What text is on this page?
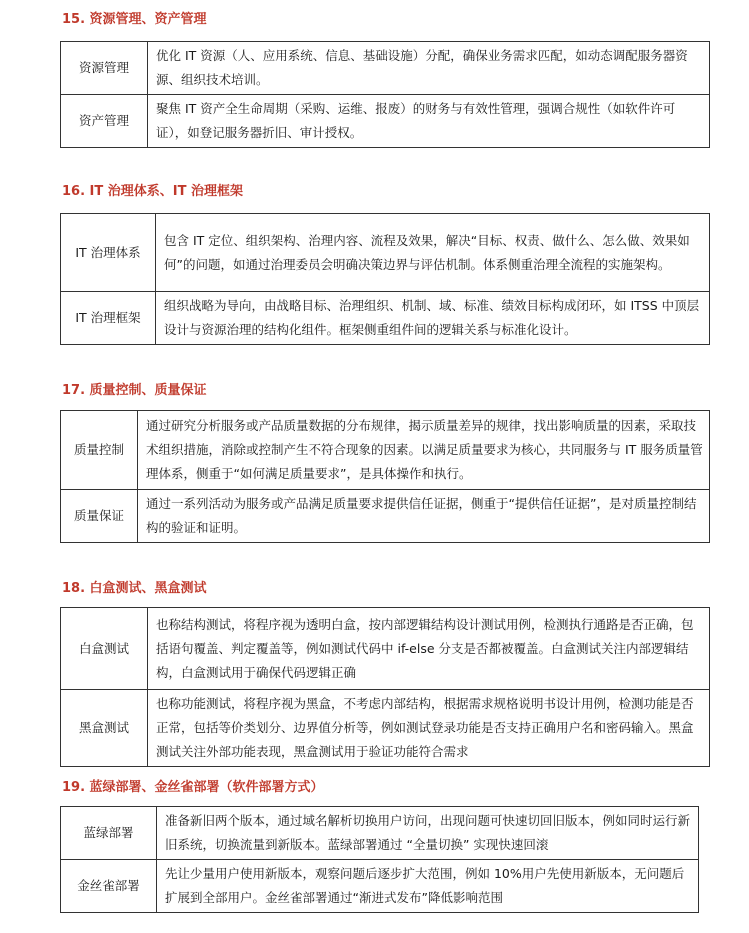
15. 资源管理、资产管理
资源管理	优化 IT 资源（人、应用系统、信息、基础设施）分配，确保业务需求匹配，如动态调配服务器资源、组织技术培训。
资产管理	聚焦 IT 资产全生命周期（采购、运维、报废）的财务与有效性管理，强调合规性（如软件许可证），如登记服务器折旧、审计授权。
16. IT 治理体系、IT 治理框架
IT 治理体系	包含 IT 定位、组织架构、治理内容、流程及效果，解决“目标、权责、做什么、怎么做、效果如何”的问题，如通过治理委员会明确决策边界与评估机制。体系侧重治理全流程的实施架构。
IT 治理框架	组织战略为导向，由战略目标、治理组织、机制、域、标准、绩效目标构成闭环，如 ITSS 中顶层设计与资源治理的结构化组件。框架侧重组件间的逻辑关系与标准化设计。
17. 质量控制、质量保证
质量控制	通过研究分析服务或产品质量数据的分布规律，揭示质量差异的规律，找出影响质量的因素，采取技术组织措施，消除或控制产生不符合现象的因素。以满足质量要求为核心，共同服务与 IT 服务质量管理体系，侧重于“如何满足质量要求”，是具体操作和执行。
质量保证	通过一系列活动为服务或产品满足质量要求提供信任证据，侧重于“提供信任证据”，是对质量控制结构的验证和证明。
18. 白盒测试、黑盒测试
白盒测试	也称结构测试，将程序视为透明白盒，按内部逻辑结构设计测试用例，检测执行通路是否正确，包括语句覆盖、判定覆盖等，例如测试代码中 if-else 分支是否都被覆盖。白盒测试关注内部逻辑结构，白盒测试用于确保代码逻辑正确
黑盒测试	也称功能测试，将程序视为黑盒，不考虑内部结构，根据需求规格说明书设计用例，检测功能是否正常，包括等价类划分、边界值分析等，例如测试登录功能是否支持正确用户名和密码输入。黑盒测试关注外部功能表现，黑盒测试用于验证功能符合需求
19. 蓝绿部署、金丝雀部署（软件部署方式）
蓝绿部署	准备新旧两个版本，通过域名解析切换用户访问，出现问题可快速切回旧版本，例如同时运行新旧系统，切换流量到新版本。蓝绿部署通过 “全量切换” 实现快速回滚
金丝雀部署	先让少量用户使用新版本，观察问题后逐步扩大范围，例如 10%用户先使用新版本，无问题后扩展到全部用户。金丝雀部署通过“渐进式发布”降低影响范围
